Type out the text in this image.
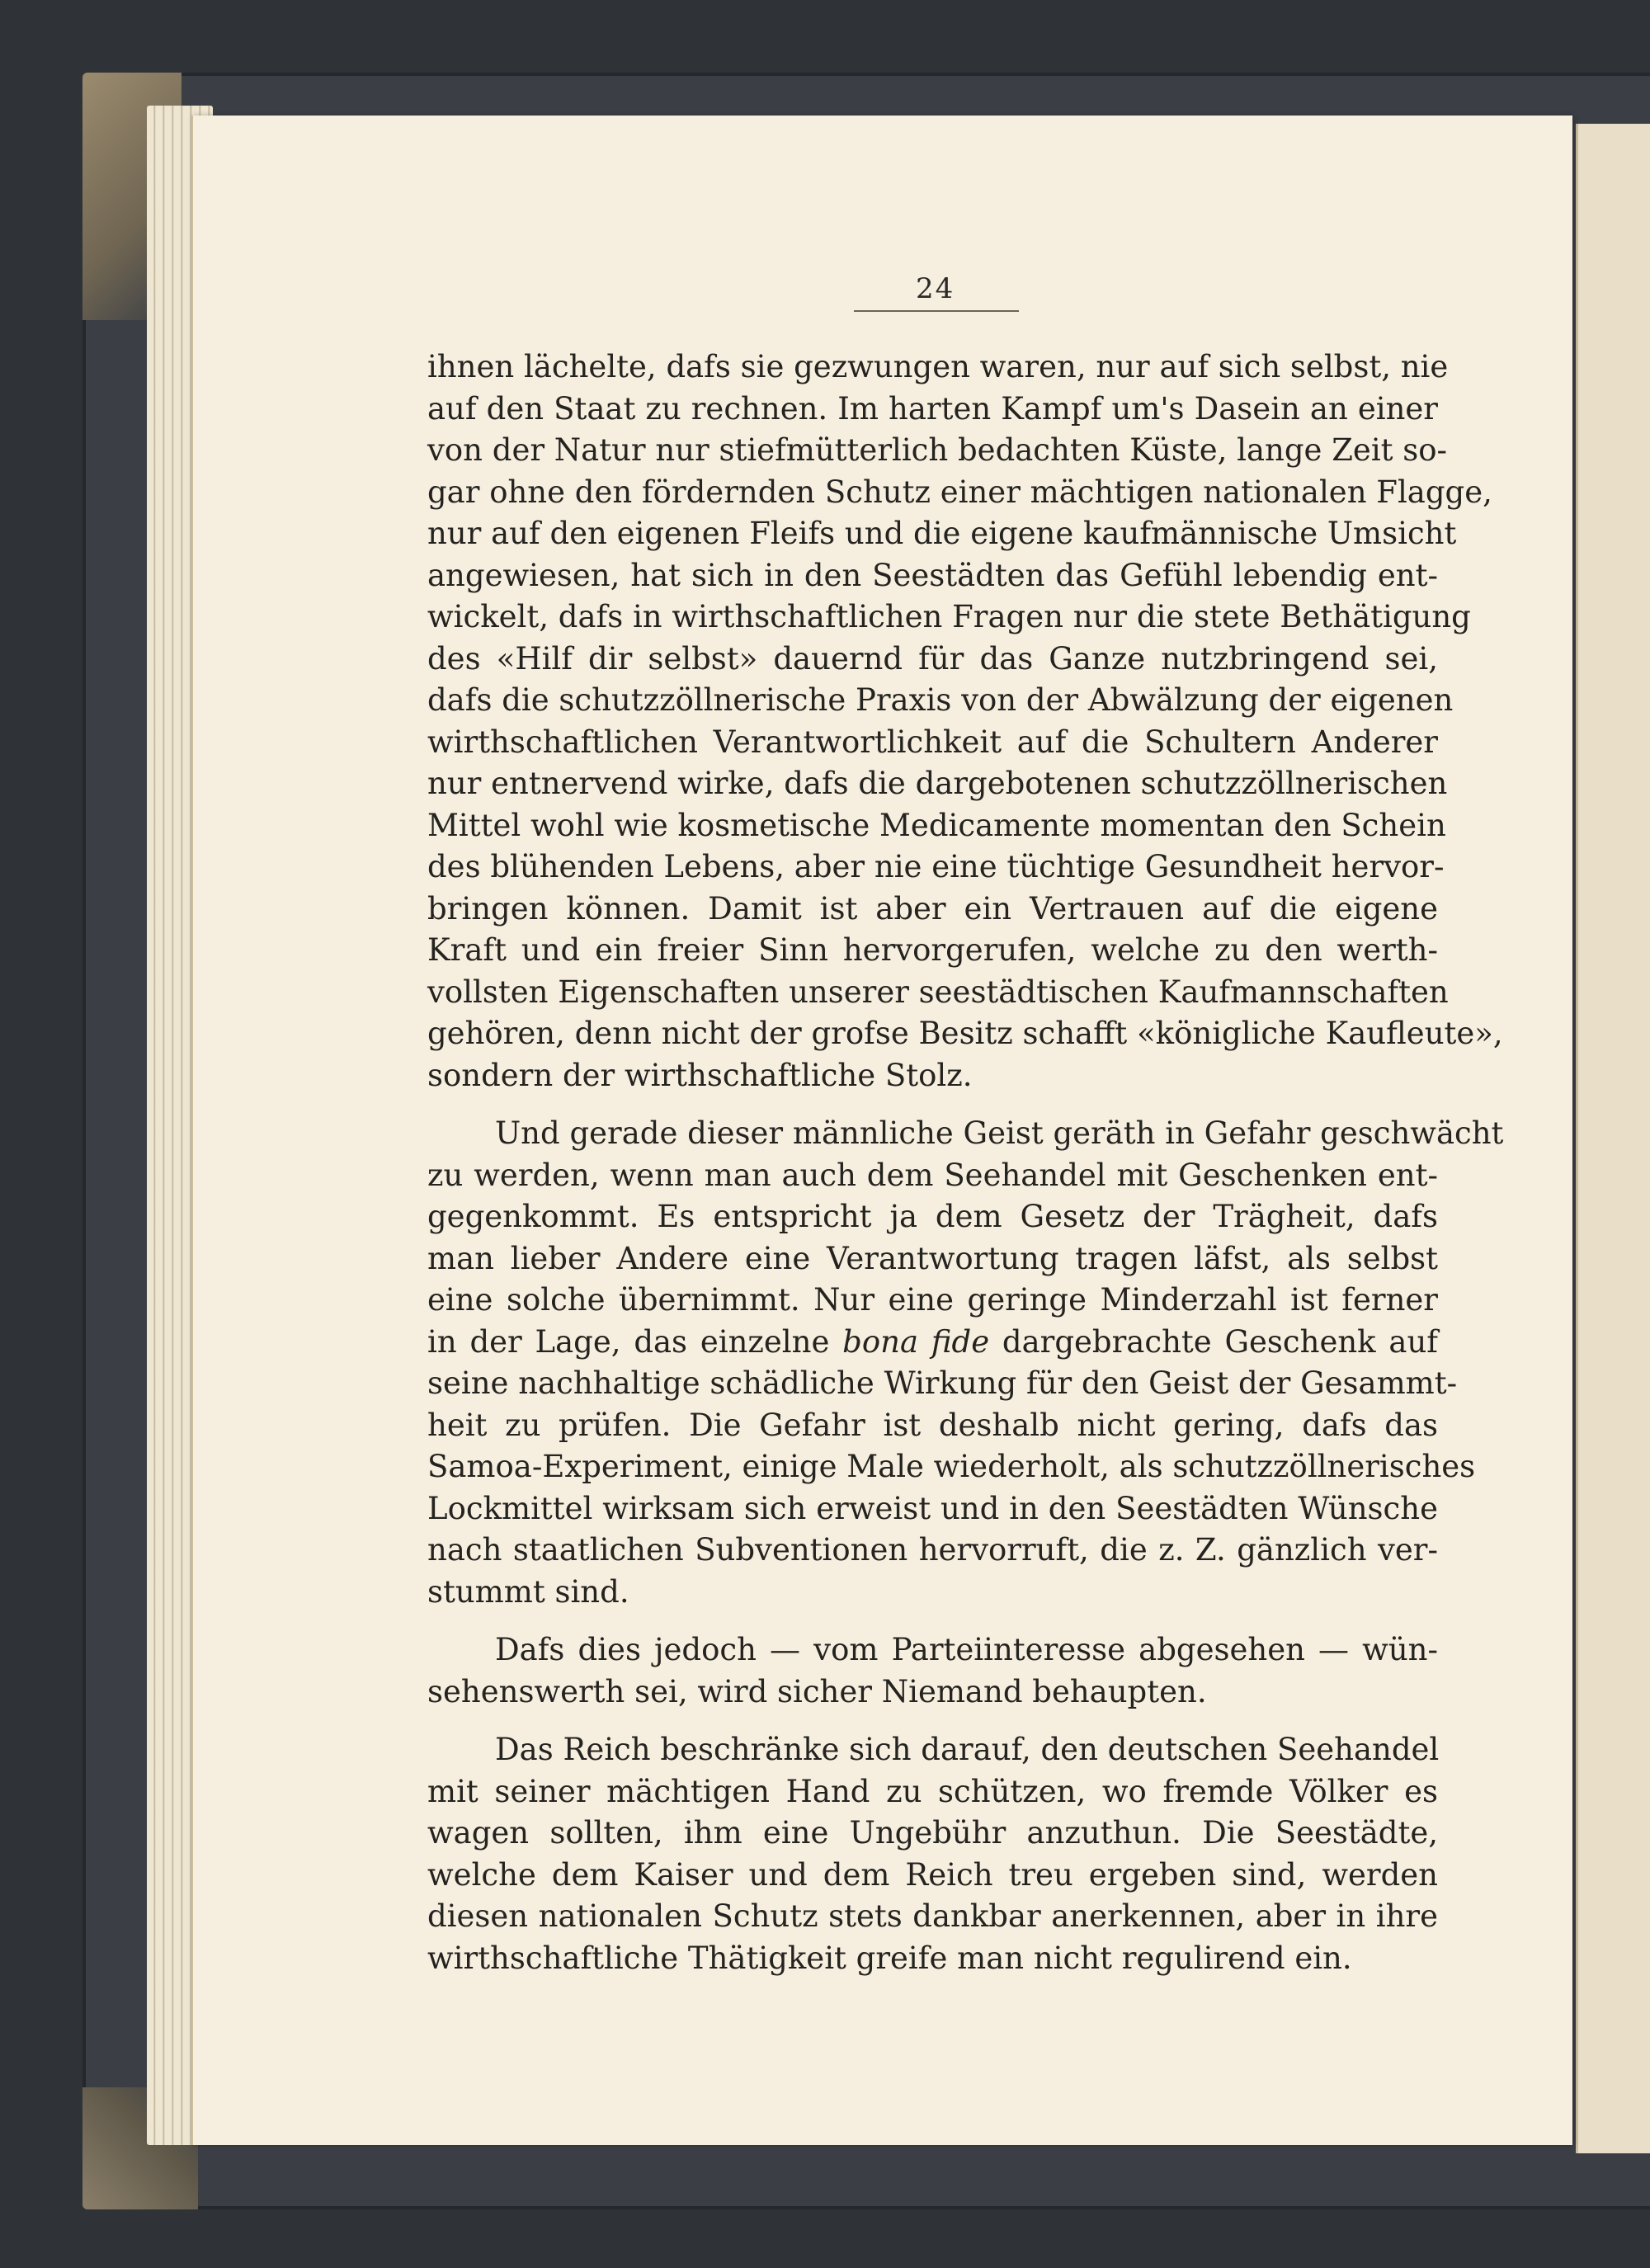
24
ihnen lächelte, dafs sie gezwungen waren, nur auf sich selbst, nie
auf den Staat zu rechnen. Im harten Kampf um's Dasein an einer
von der Natur nur stiefmütterlich bedachten Küste, lange Zeit so-
gar ohne den fördernden Schutz einer mächtigen nationalen Flagge,
nur auf den eigenen Fleifs und die eigene kaufmännische Umsicht
angewiesen, hat sich in den Seestädten das Gefühl lebendig ent-
wickelt, dafs in wirthschaftlichen Fragen nur die stete Bethätigung
des «Hilf dir selbst» dauernd für das Ganze nutzbringend sei,
dafs die schutzzöllnerische Praxis von der Abwälzung der eigenen
wirthschaftlichen Verantwortlichkeit auf die Schultern Anderer
nur entnervend wirke, dafs die dargebotenen schutzzöllnerischen
Mittel wohl wie kosmetische Medicamente momentan den Schein
des blühenden Lebens, aber nie eine tüchtige Gesundheit hervor-
bringen können. Damit ist aber ein Vertrauen auf die eigene
Kraft und ein freier Sinn hervorgerufen, welche zu den werth-
vollsten Eigenschaften unserer seestädtischen Kaufmannschaften
gehören, denn nicht der grofse Besitz schafft «königliche Kaufleute»,
sondern der wirthschaftliche Stolz.
Und gerade dieser männliche Geist geräth in Gefahr geschwächt
zu werden, wenn man auch dem Seehandel mit Geschenken ent-
gegenkommt. Es entspricht ja dem Gesetz der Trägheit, dafs
man lieber Andere eine Verantwortung tragen läfst, als selbst
eine solche übernimmt. Nur eine geringe Minderzahl ist ferner
in der Lage, das einzelne bona fide dargebrachte Geschenk auf
seine nachhaltige schädliche Wirkung für den Geist der Gesammt-
heit zu prüfen. Die Gefahr ist deshalb nicht gering, dafs das
Samoa-Experiment, einige Male wiederholt, als schutzzöllnerisches
Lockmittel wirksam sich erweist und in den Seestädten Wünsche
nach staatlichen Subventionen hervorruft, die z. Z. gänzlich ver-
stummt sind.
Dafs dies jedoch — vom Parteiinteresse abgesehen — wün-
sehenswerth sei, wird sicher Niemand behaupten.
Das Reich beschränke sich darauf, den deutschen Seehandel
mit seiner mächtigen Hand zu schützen, wo fremde Völker es
wagen sollten, ihm eine Ungebühr anzuthun. Die Seestädte,
welche dem Kaiser und dem Reich treu ergeben sind, werden
diesen nationalen Schutz stets dankbar anerkennen, aber in ihre
wirthschaftliche Thätigkeit greife man nicht regulirend ein.
